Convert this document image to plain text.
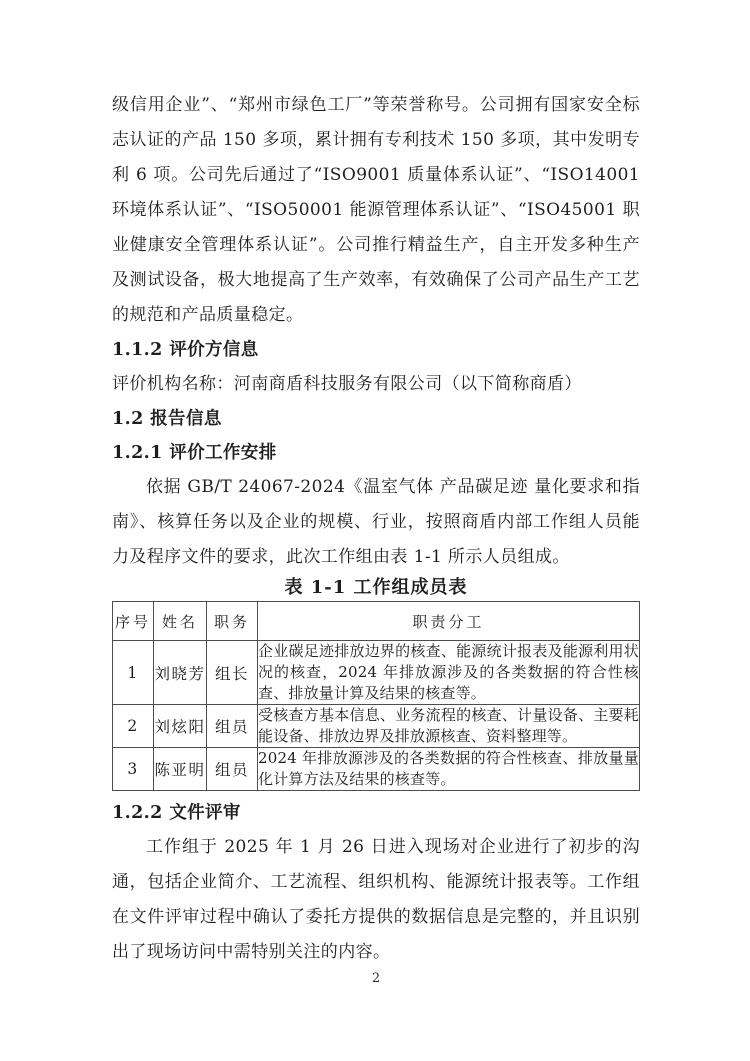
级信用企业”、“郑州市绿色工厂”等荣誉称号。公司拥有国家安全标志认证的产品 150 多项，累计拥有专利技术 150 多项，其中发明专利 6 项。公司先后通过了“ISO9001 质量体系认证”、“ISO14001 环境体系认证”、“ISO50001 能源管理体系认证”、“ISO45001 职业健康安全管理体系认证”。公司推行精益生产，自主开发多种生产及测试设备，极大地提高了生产效率，有效确保了公司产品生产工艺的规范和产品质量稳定。

1.1.2 评价方信息

评价机构名称：河南商盾科技服务有限公司（以下简称商盾）

1.2 报告信息

1.2.1 评价工作安排

依据 GB/T 24067-2024《温室气体 产品碳足迹 量化要求和指南》、核算任务以及企业的规模、行业，按照商盾内部工作组人员能力及程序文件的要求，此次工作组由表 1-1 所示人员组成。

表 1-1 工作组成员表

序号	姓名	职务	职责分工
1	刘晓芳	组长	企业碳足迹排放边界的核查、能源统计报表及能源利用状况的核查，2024 年排放源涉及的各类数据的符合性核查、排放量计算及结果的核查等。
2	刘炫阳	组员	受核查方基本信息、业务流程的核查、计量设备、主要耗能设备、排放边界及排放源核查、资料整理等。
3	陈亚明	组员	2024 年排放源涉及的各类数据的符合性核查、排放量量化计算方法及结果的核查等。

1.2.2 文件评审

工作组于 2025 年 1 月 26 日进入现场对企业进行了初步的沟通，包括企业简介、工艺流程、组织机构、能源统计报表等。工作组在文件评审过程中确认了委托方提供的数据信息是完整的，并且识别出了现场访问中需特别关注的内容。

2
